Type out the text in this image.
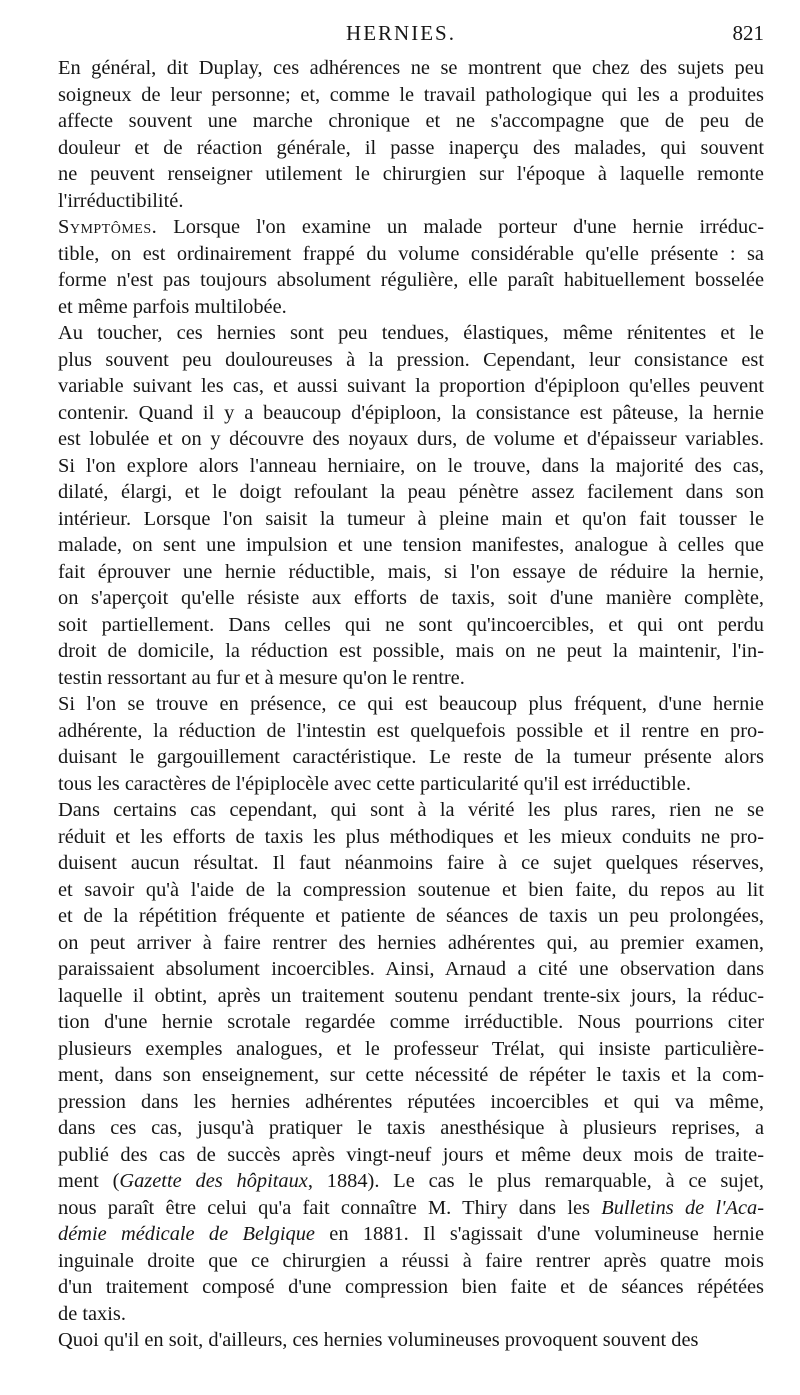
HERNIES.	821
En général, dit Duplay, ces adhérences ne se montrent que chez des sujets peu
soigneux de leur personne; et, comme le travail pathologique qui les a produites
affecte souvent une marche chronique et ne s'accompagne que de peu de
douleur et de réaction générale, il passe inaperçu des malades, qui souvent
ne peuvent renseigner utilement le chirurgien sur l'époque à laquelle remonte
l'irréductibilité.
Symptômes. Lorsque l'on examine un malade porteur d'une hernie irréduc-
tible, on est ordinairement frappé du volume considérable qu'elle présente : sa
forme n'est pas toujours absolument régulière, elle paraît habituellement bosselée
et même parfois multilobée.
Au toucher, ces hernies sont peu tendues, élastiques, même rénitentes et le
plus souvent peu douloureuses à la pression. Cependant, leur consistance est
variable suivant les cas, et aussi suivant la proportion d'épiploon qu'elles peuvent
contenir. Quand il y a beaucoup d'épiploon, la consistance est pâteuse, la hernie
est lobulée et on y découvre des noyaux durs, de volume et d'épaisseur variables.
Si l'on explore alors l'anneau herniaire, on le trouve, dans la majorité des cas,
dilaté, élargi, et le doigt refoulant la peau pénètre assez facilement dans son
intérieur. Lorsque l'on saisit la tumeur à pleine main et qu'on fait tousser le
malade, on sent une impulsion et une tension manifestes, analogue à celles que
fait éprouver une hernie réductible, mais, si l'on essaye de réduire la hernie,
on s'aperçoit qu'elle résiste aux efforts de taxis, soit d'une manière complète,
soit partiellement. Dans celles qui ne sont qu'incoercibles, et qui ont perdu
droit de domicile, la réduction est possible, mais on ne peut la maintenir, l'in-
testin ressortant au fur et à mesure qu'on le rentre.
Si l'on se trouve en présence, ce qui est beaucoup plus fréquent, d'une hernie
adhérente, la réduction de l'intestin est quelquefois possible et il rentre en pro-
duisant le gargouillement caractéristique. Le reste de la tumeur présente alors
tous les caractères de l'épiplocèle avec cette particularité qu'il est irréductible.
Dans certains cas cependant, qui sont à la vérité les plus rares, rien ne se
réduit et les efforts de taxis les plus méthodiques et les mieux conduits ne pro-
duisent aucun résultat. Il faut néanmoins faire à ce sujet quelques réserves,
et savoir qu'à l'aide de la compression soutenue et bien faite, du repos au lit
et de la répétition fréquente et patiente de séances de taxis un peu prolongées,
on peut arriver à faire rentrer des hernies adhérentes qui, au premier examen,
paraissaient absolument incoercibles. Ainsi, Arnaud a cité une observation dans
laquelle il obtint, après un traitement soutenu pendant trente-six jours, la réduc-
tion d'une hernie scrotale regardée comme irréductible. Nous pourrions citer
plusieurs exemples analogues, et le professeur Trélat, qui insiste particulière-
ment, dans son enseignement, sur cette nécessité de répéter le taxis et la com-
pression dans les hernies adhérentes réputées incoercibles et qui va même,
dans ces cas, jusqu'à pratiquer le taxis anesthésique à plusieurs reprises, a
publié des cas de succès après vingt-neuf jours et même deux mois de traite-
ment (Gazette des hôpitaux, 1884). Le cas le plus remarquable, à ce sujet,
nous paraît être celui qu'a fait connaître M. Thiry dans les Bulletins de l'Aca-
démie médicale de Belgique en 1881. Il s'agissait d'une volumineuse hernie
inguinale droite que ce chirurgien a réussi à faire rentrer après quatre mois
d'un traitement composé d'une compression bien faite et de séances répétées
de taxis.
Quoi qu'il en soit, d'ailleurs, ces hernies volumineuses provoquent souvent des
